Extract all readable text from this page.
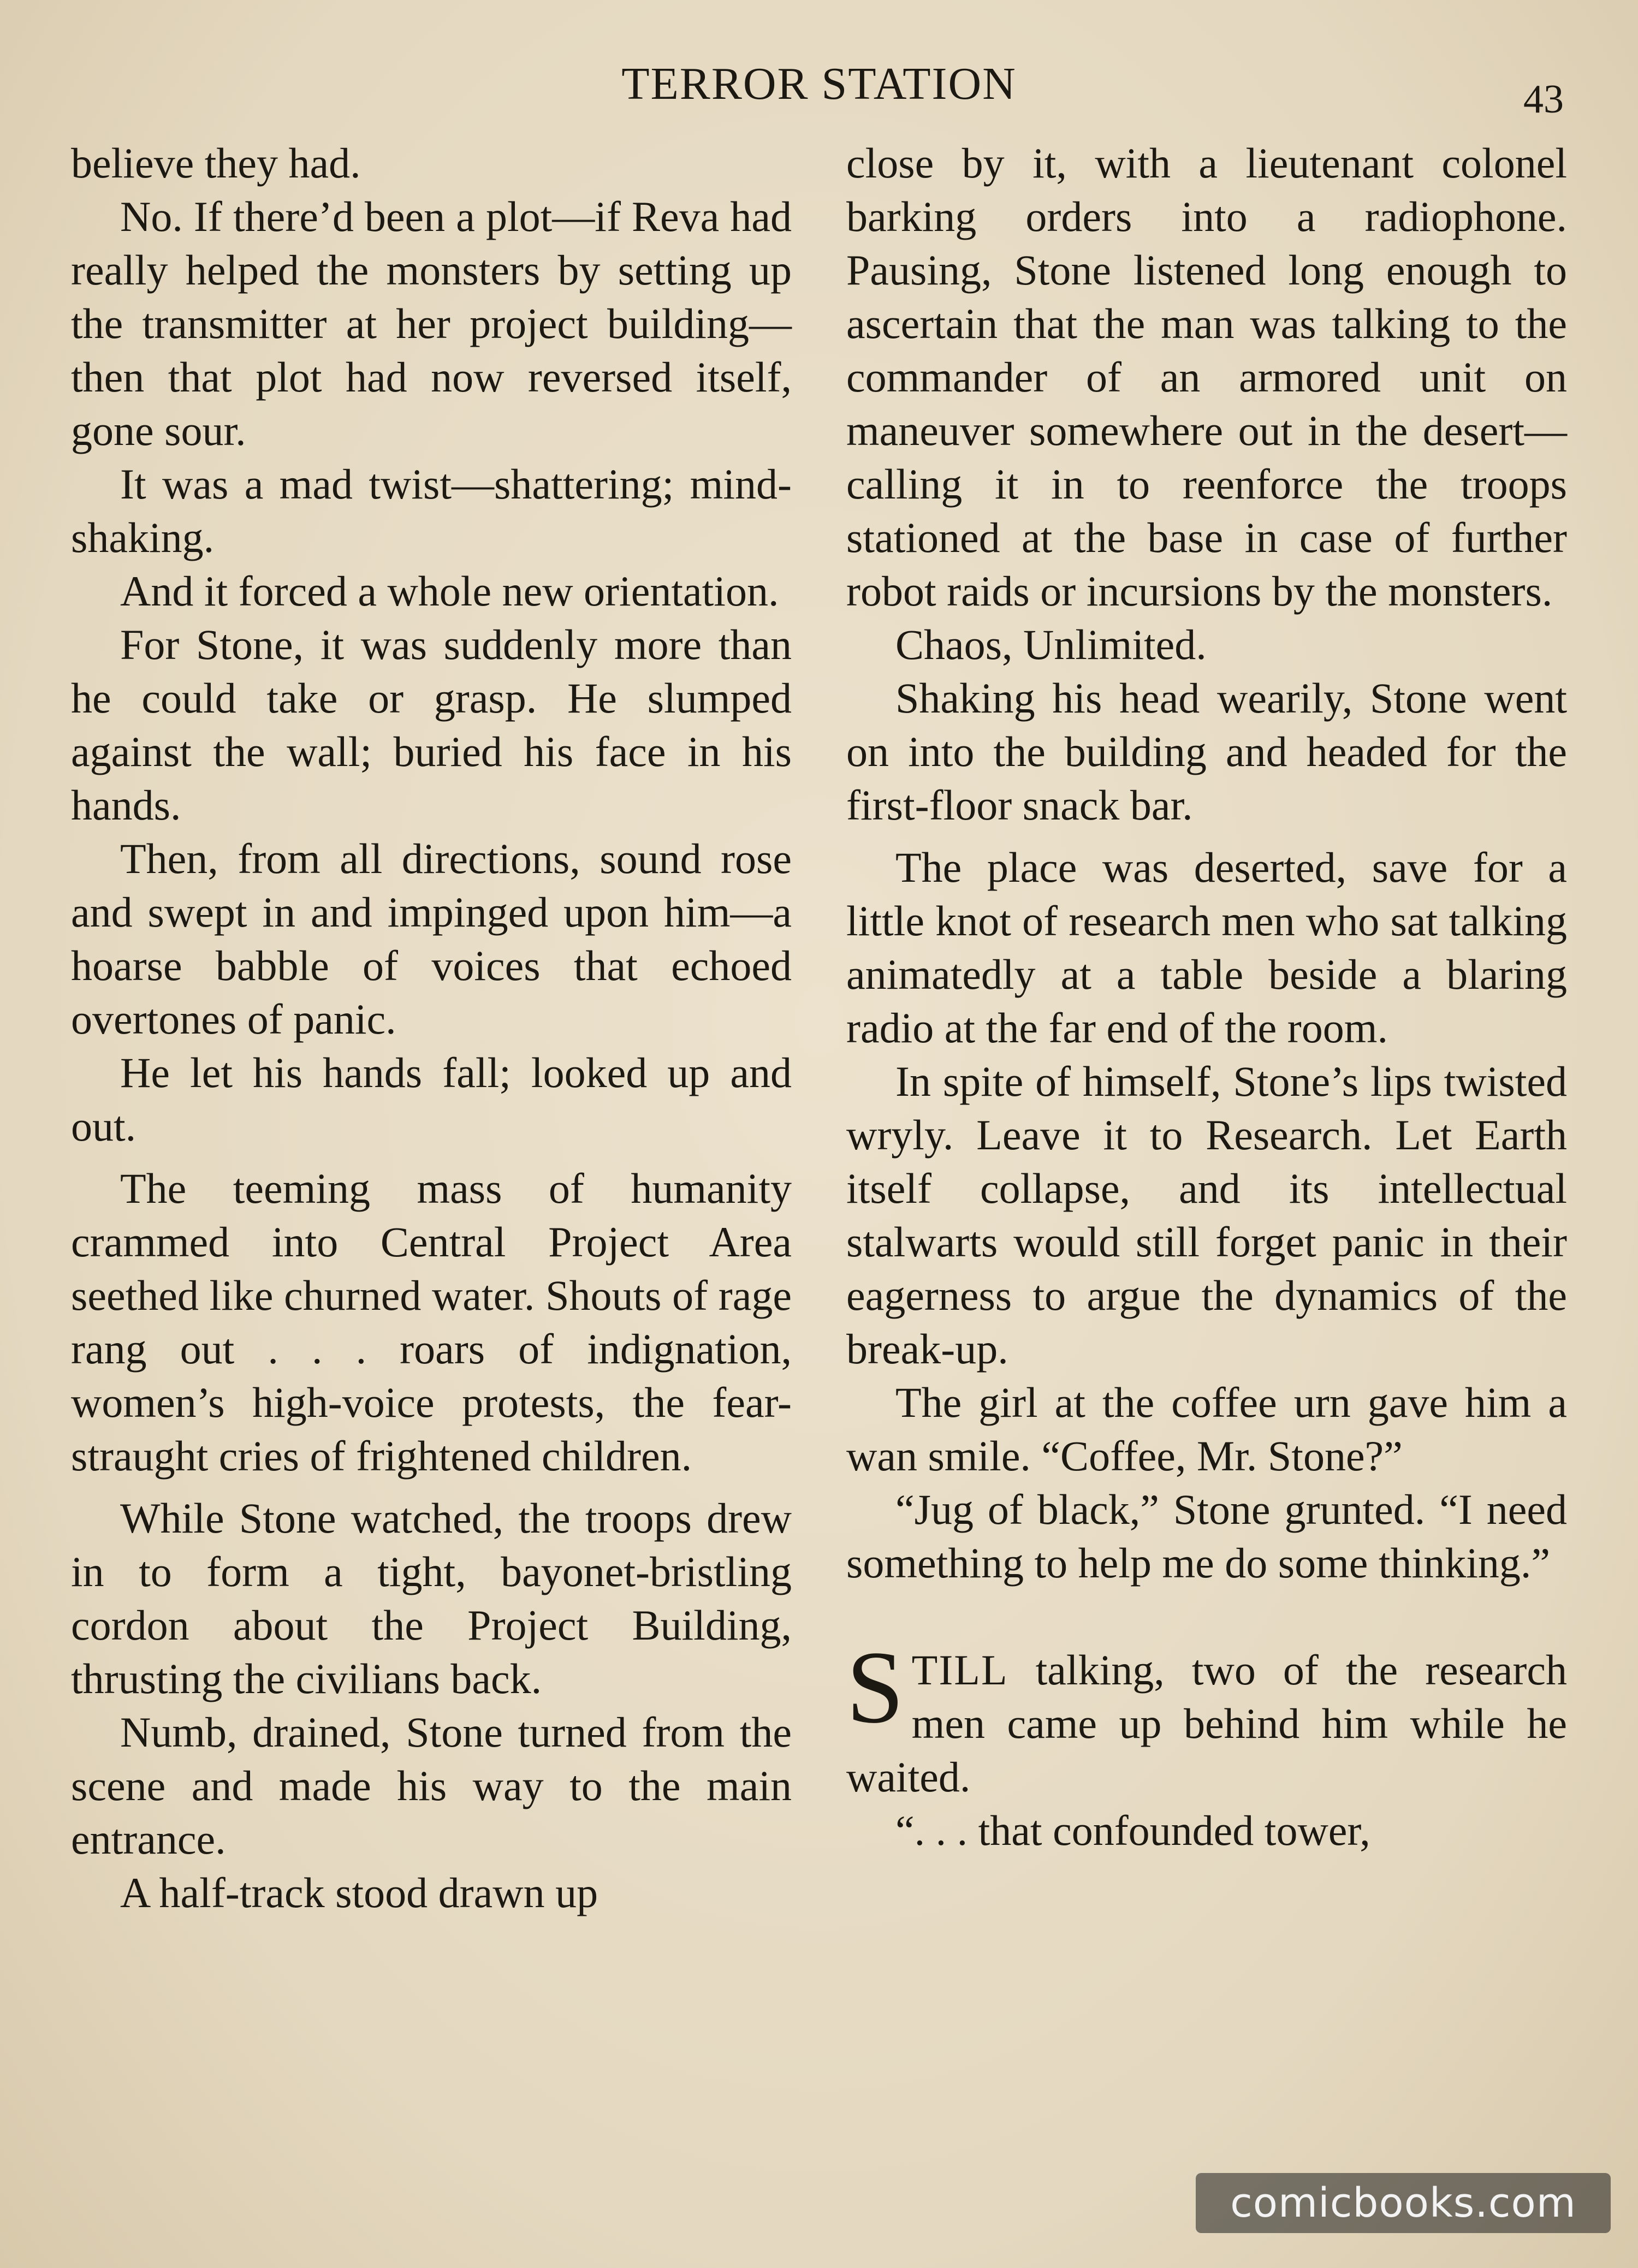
TERROR STATION	43

believe they had.

No. If there’d been a plot—if Reva had really helped the monsters by setting up the transmitter at her project building—then that plot had now reversed itself, gone sour.

It was a mad twist—shattering; mind-shaking.

And it forced a whole new orientation.

For Stone, it was suddenly more than he could take or grasp. He slumped against the wall; buried his face in his hands.

Then, from all directions, sound rose and swept in and impinged upon him—a hoarse babble of voices that echoed overtones of panic.

He let his hands fall; looked up and out.

The teeming mass of humanity crammed into Central Project Area seethed like churned water. Shouts of rage rang out . . . roars of indignation, women’s high-voice protests, the fear-straught cries of frightened children.

While Stone watched, the troops drew in to form a tight, bayonet-bristling cordon about the Project Building, thrusting the civilians back.

Numb, drained, Stone turned from the scene and made his way to the main entrance.

A half-track stood drawn up

close by it, with a lieutenant colonel barking orders into a radiophone. Pausing, Stone listened long enough to ascertain that the man was talking to the commander of an armored unit on maneuver somewhere out in the desert—calling it in to reenforce the troops stationed at the base in case of further robot raids or incursions by the monsters.

Chaos, Unlimited.

Shaking his head wearily, Stone went on into the building and headed for the first-floor snack bar.

The place was deserted, save for a little knot of research men who sat talking animatedly at a table beside a blaring radio at the far end of the room.

In spite of himself, Stone’s lips twisted wryly. Leave it to Research. Let Earth itself collapse, and its intellectual stalwarts would still forget panic in their eagerness to argue the dynamics of the break-up.

The girl at the coffee urn gave him a wan smile. “Coffee, Mr. Stone?”

“Jug of black,” Stone grunted. “I need something to help me do some thinking.”

STILL talking, two of the research men came up behind him while he waited.

“. . . that confounded tower,

comicbooks.com
